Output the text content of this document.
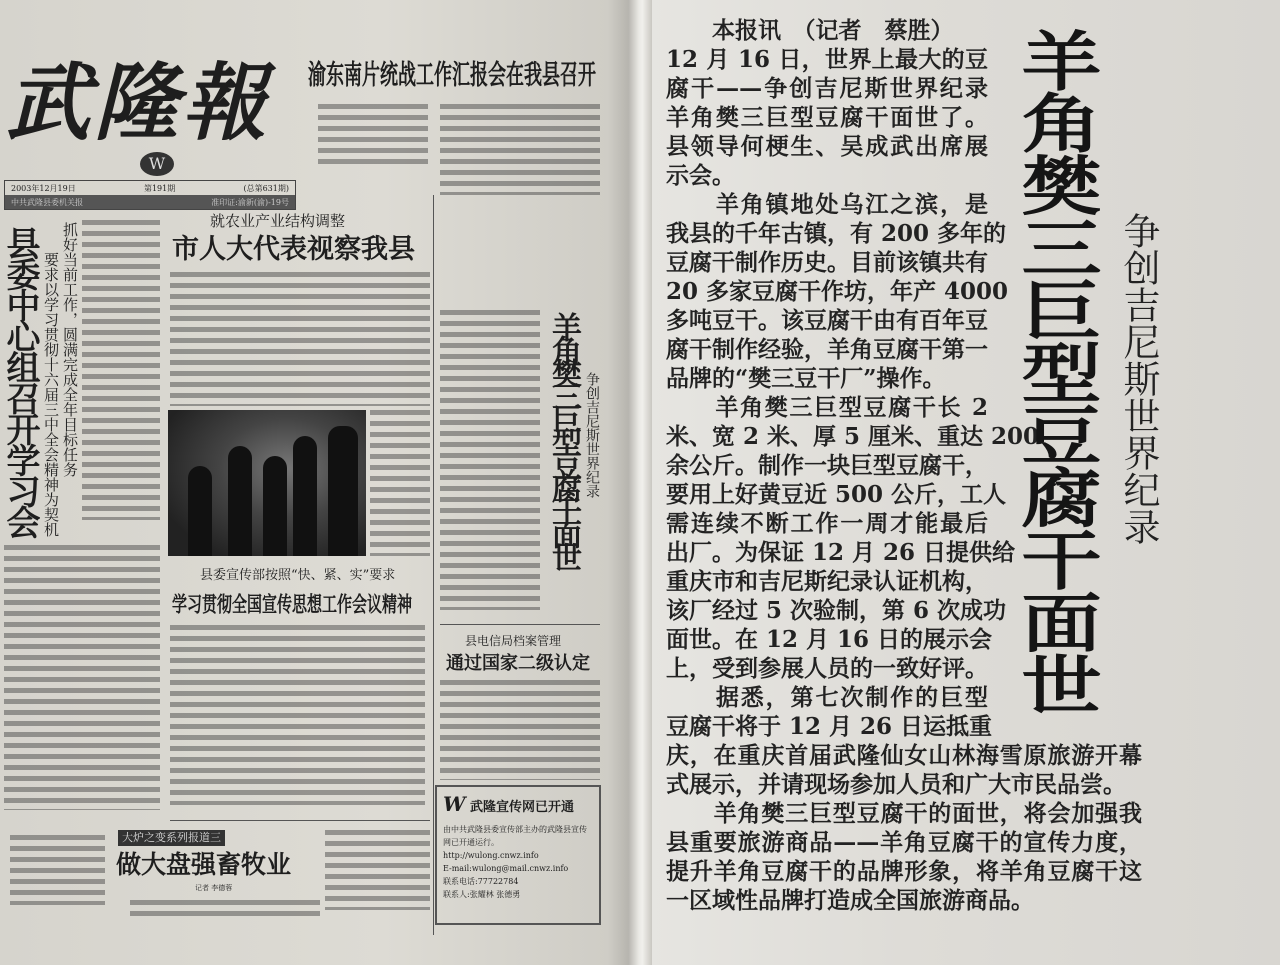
武隆報
W
渝东南片统战工作汇报会在我县召开
2003年12月19日	第191期	(总第631期)
中共武隆县委机关报	准印证:渝新(渝)-19号
县委中心组召开学习会 抓好当前工作，圆满完成全年目标任务
要求以学习贯彻十六届三中全会精神为契机
就农业产业结构调整
市人大代表视察我县
县委宣传部按照“快、紧、实”要求
学习贯彻全国宣传思想工作会议精神
羊角樊三巨型豆腐干面世 争创吉尼斯世界纪录
县电信局档案管理
通过国家二级认定
大炉之变系列报道三
做大盘强畜牧业
记者 李德蓉
W 武隆宣传网已开通
由中共武隆县委宣传部主办的武隆县宣传网已开通运行。
http://wulong.cnwz.info
E-mail:wulong@mail.cnwz.info
联系电话:77722784
联系人:张耀林 张德勇
　　本报讯　（记者　蔡胜）
12 月 16 日，世界上最大的豆
腐干——争创吉尼斯世界纪录
羊角樊三巨型豆腐干面世了。
县领导何梗生、吴成武出席展
示会。
　　羊角镇地处乌江之滨，是
我县的千年古镇，有 200 多年的
豆腐干制作历史。目前该镇共有
20 多家豆腐干作坊，年产 4000
多吨豆干。该豆腐干由有百年豆
腐干制作经验，羊角豆腐干第一
品牌的“樊三豆干厂”操作。
　　羊角樊三巨型豆腐干长 2
米、宽 2 米、厚 5 厘米、重达 200
余公斤。制作一块巨型豆腐干，
要用上好黄豆近 500 公斤，工人
需连续不断工作一周才能最后
出厂。为保证 12 月 26 日提供给
重庆市和吉尼斯纪录认证机构，
该厂经过 5 次验制，第 6 次成功
面世。在 12 月 16 日的展示会
上，受到参展人员的一致好评。
　　据悉，第七次制作的巨型
豆腐干将于 12 月 26 日运抵重
庆，在重庆首届武隆仙女山林海雪原旅游开幕
式展示，并请现场参加人员和广大市民品尝。
　　羊角樊三巨型豆腐干的面世，将会加强我
县重要旅游商品——羊角豆腐干的宣传力度，
提升羊角豆腐干的品牌形象，将羊角豆腐干这
一区域性品牌打造成全国旅游商品。
羊角樊三巨型豆腐干面世 争创吉尼斯世界纪录
